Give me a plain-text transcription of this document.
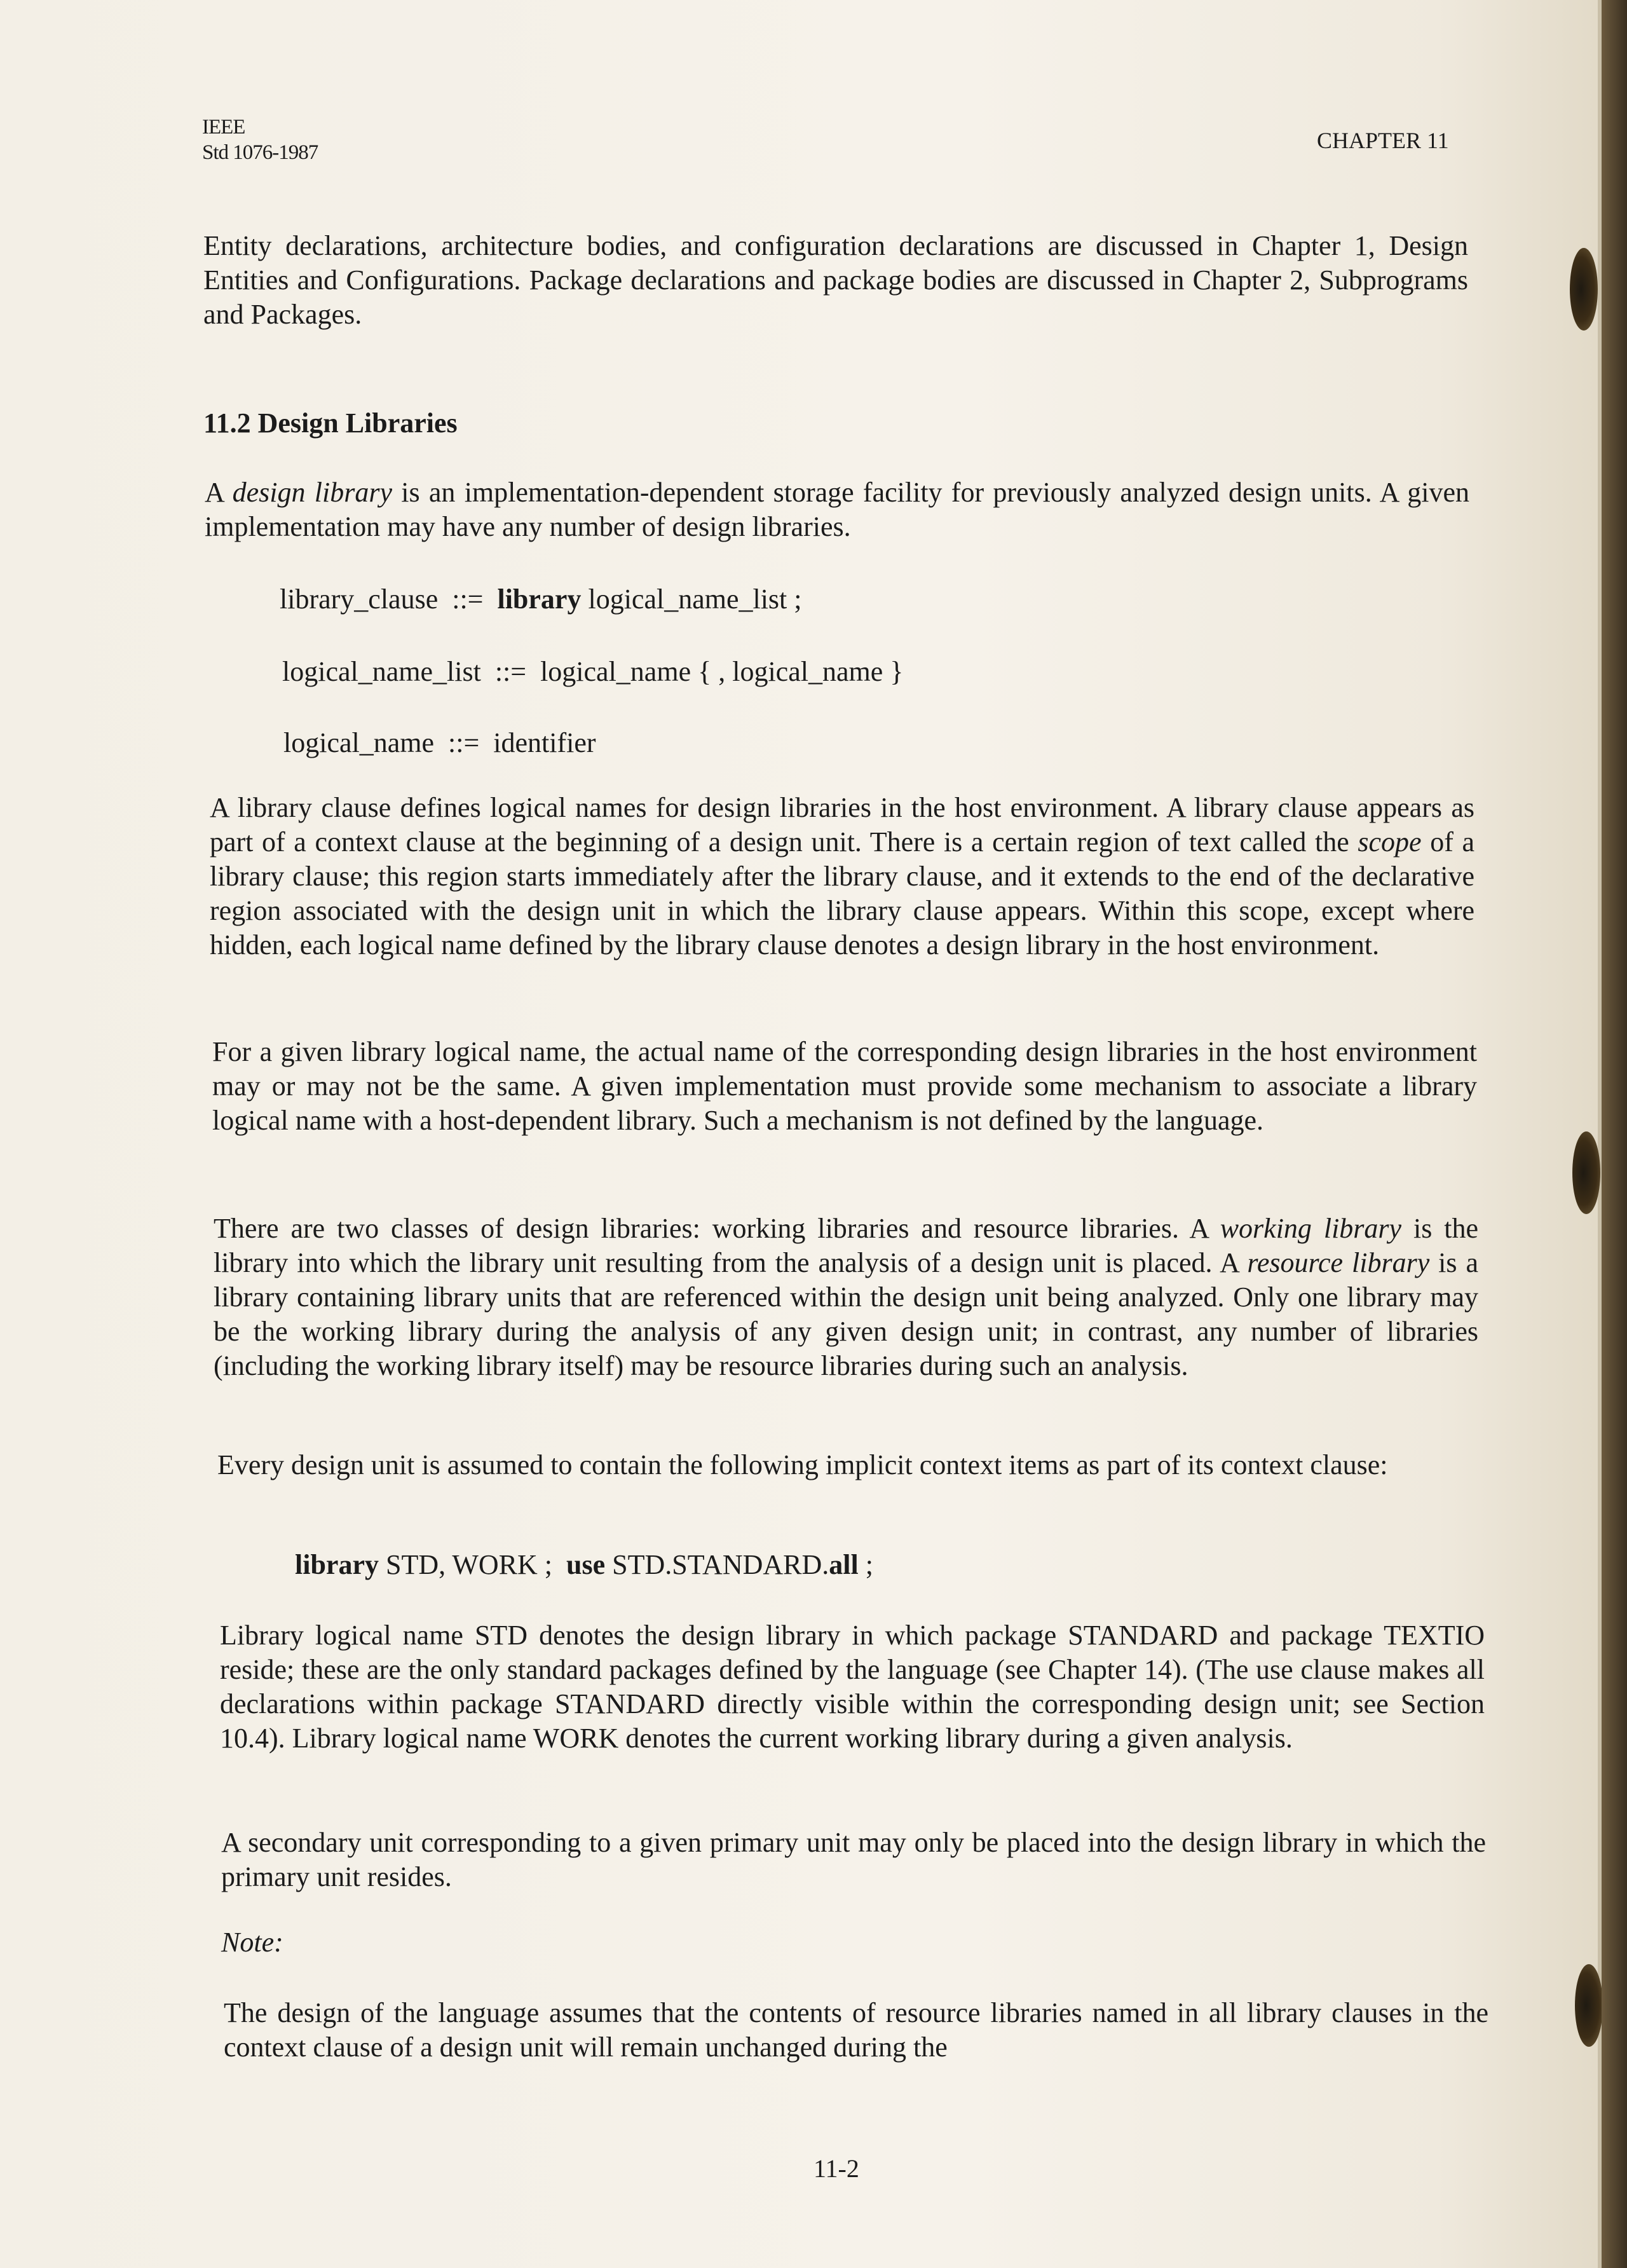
IEEE
Std 1076-1987	CHAPTER 11
Entity declarations, architecture bodies, and configuration declarations are discussed in Chapter 1, Design Entities and Configurations. Package declarations and package bodies are discussed in Chapter 2, Subprograms and Packages.
11.2 Design Libraries
A design library is an implementation-dependent storage facility for previously analyzed design units. A given implementation may have any number of design libraries.
library_clause ::= library logical_name_list ;
logical_name_list ::= logical_name { , logical_name }
logical_name ::= identifier
A library clause defines logical names for design libraries in the host environment. A library clause appears as part of a context clause at the beginning of a design unit. There is a certain region of text called the scope of a library clause; this region starts immediately after the library clause, and it extends to the end of the declarative region associated with the design unit in which the library clause appears. Within this scope, except where hidden, each logical name defined by the library clause denotes a design library in the host environment.
For a given library logical name, the actual name of the corresponding design libraries in the host environment may or may not be the same. A given implementation must provide some mechanism to associate a library logical name with a host-dependent library. Such a mechanism is not defined by the language.
There are two classes of design libraries: working libraries and resource libraries. A working library is the library into which the library unit resulting from the analysis of a design unit is placed. A resource library is a library containing library units that are referenced within the design unit being analyzed. Only one library may be the working library during the analysis of any given design unit; in contrast, any number of libraries (including the working library itself) may be resource libraries during such an analysis.
Every design unit is assumed to contain the following implicit context items as part of its context clause:
library STD, WORK ;  use STD.STANDARD.all ;
Library logical name STD denotes the design library in which package STANDARD and package TEXTIO reside; these are the only standard packages defined by the language (see Chapter 14). (The use clause makes all declarations within package STANDARD directly visible within the corresponding design unit; see Section 10.4). Library logical name WORK denotes the current working library during a given analysis.
A secondary unit corresponding to a given primary unit may only be placed into the design library in which the primary unit resides.
Note:
The design of the language assumes that the contents of resource libraries named in all library clauses in the context clause of a design unit will remain unchanged during the
11-2
